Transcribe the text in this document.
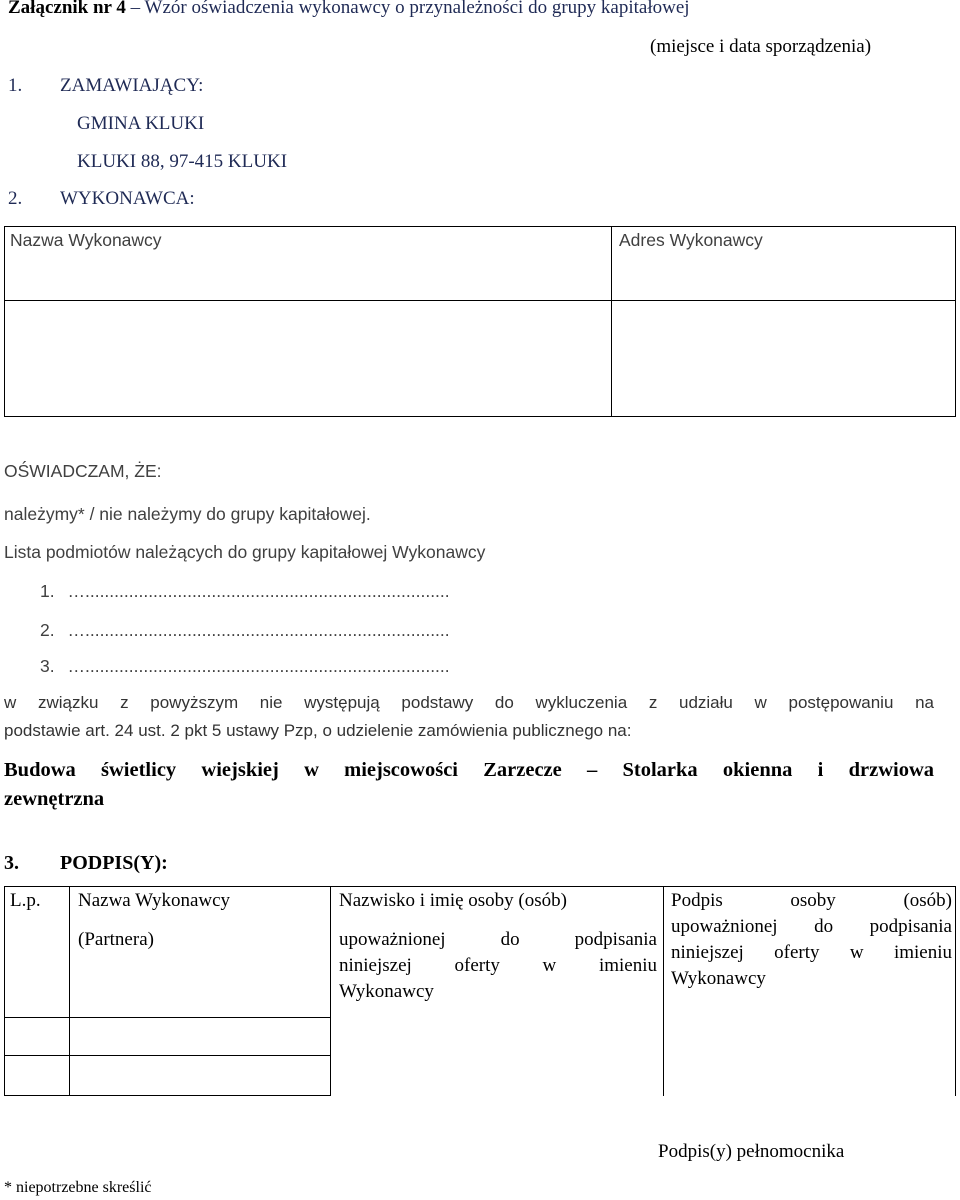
Załącznik nr 4 – Wzór oświadczenia wykonawcy o przynależności do grupy kapitałowej
(miejsce i data sporządzenia)
1. ZAMAWIAJĄCY:
GMINA KLUKI
KLUKI 88, 97-415 KLUKI
2. WYKONAWCA:
Nazwa Wykonawcy	Adres Wykonawcy
OŚWIADCZAM, ŻE:
należymy* / nie należymy do grupy kapitałowej.
Lista podmiotów należących do grupy kapitałowej Wykonawcy
1. …...........................................................................
2. …...........................................................................
3. …...........................................................................
w związku z powyższym nie występują podstawy do wykluczenia z udziału w postępowaniu na
podstawie art. 24 ust. 2 pkt 5 ustawy Pzp, o udzielenie zamówienia publicznego na:
Budowa świetlicy wiejskiej w miejscowości Zarzecze – Stolarka okienna i drzwiowa
zewnętrzna
3. PODPIS(Y):
L.p. Nazwa Wykonawcy
(Partnera)
Nazwisko i imię osoby (osób)
upoważnionej do podpisania
niniejszej oferty w imieniu
Wykonawcy
Podpis osoby (osób)
upoważnionej do podpisania
niniejszej oferty w imieniu
Wykonawcy
Podpis(y) pełnomocnika
* niepotrzebne skreślić
